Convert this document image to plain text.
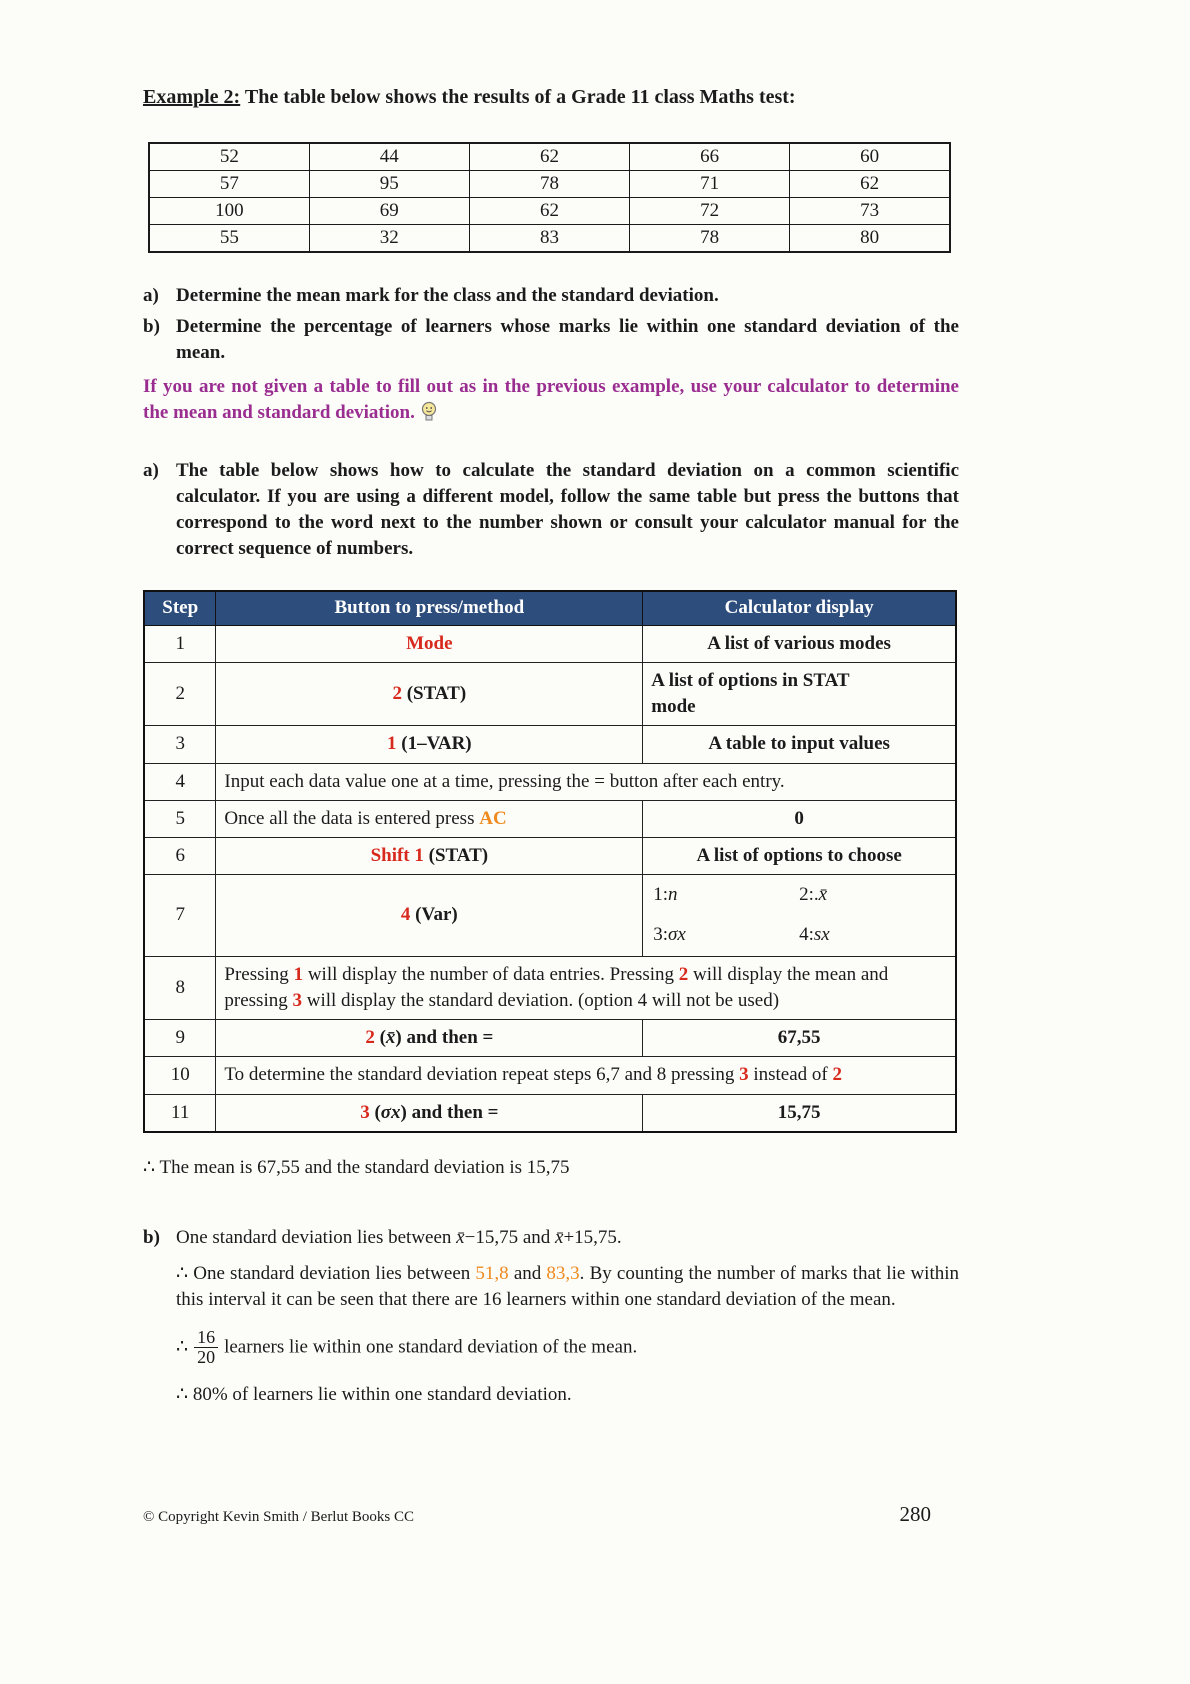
Example 2: The table below shows the results of a Grade 11 class Maths test:
52	44	62	66	60
57	95	78	71	62
100	69	62	72	73
55	32	83	78	80
a) Determine the mean mark for the class and the standard deviation.
b) Determine the percentage of learners whose marks lie within one standard deviation of the mean.
If you are not given a table to fill out as in the previous example, use your calculator to determine the mean and standard deviation.
a) The table below shows how to calculate the standard deviation on a common scientific calculator. If you are using a different model, follow the same table but press the buttons that correspond to the word next to the number shown or consult your calculator manual for the correct sequence of numbers.
Step	Button to press/method	Calculator display
1	Mode	A list of various modes
2	2 (STAT)	A list of options in STAT mode
3	1 (1–VAR)	A table to input values
4	Input each data value one at a time, pressing the = button after each entry.	
5	Once all the data is entered press AC	0
6	Shift 1 (STAT)	A list of options to choose
7	4 (Var)	1:n 2:.x̄
3:σx 4:sx

8	Pressing 1 will display the number of data entries. Pressing 2 will display the mean and pressing 3 will display the standard deviation. (option 4 will not be used)	
9	2 (x̄) and then =	67,55
10	To determine the standard deviation repeat steps 6,7 and 8 pressing 3 instead of 2	
11	3 (σx) and then =	15,75
∴ The mean is 67,55 and the standard deviation is 15,75
b) One standard deviation lies between x̄−15,75 and x̄+15,75.
∴ One standard deviation lies between 51,8 and 83,3. By counting the number of marks that lie within this interval it can be seen that there are 16 learners within one standard deviation of the mean.
∴ $\frac{16}{20}$ learners lie within one standard deviation of the mean.
∴ 80% of learners lie within one standard deviation.
© Copyright Kevin Smith / Berlut Books CC	280
